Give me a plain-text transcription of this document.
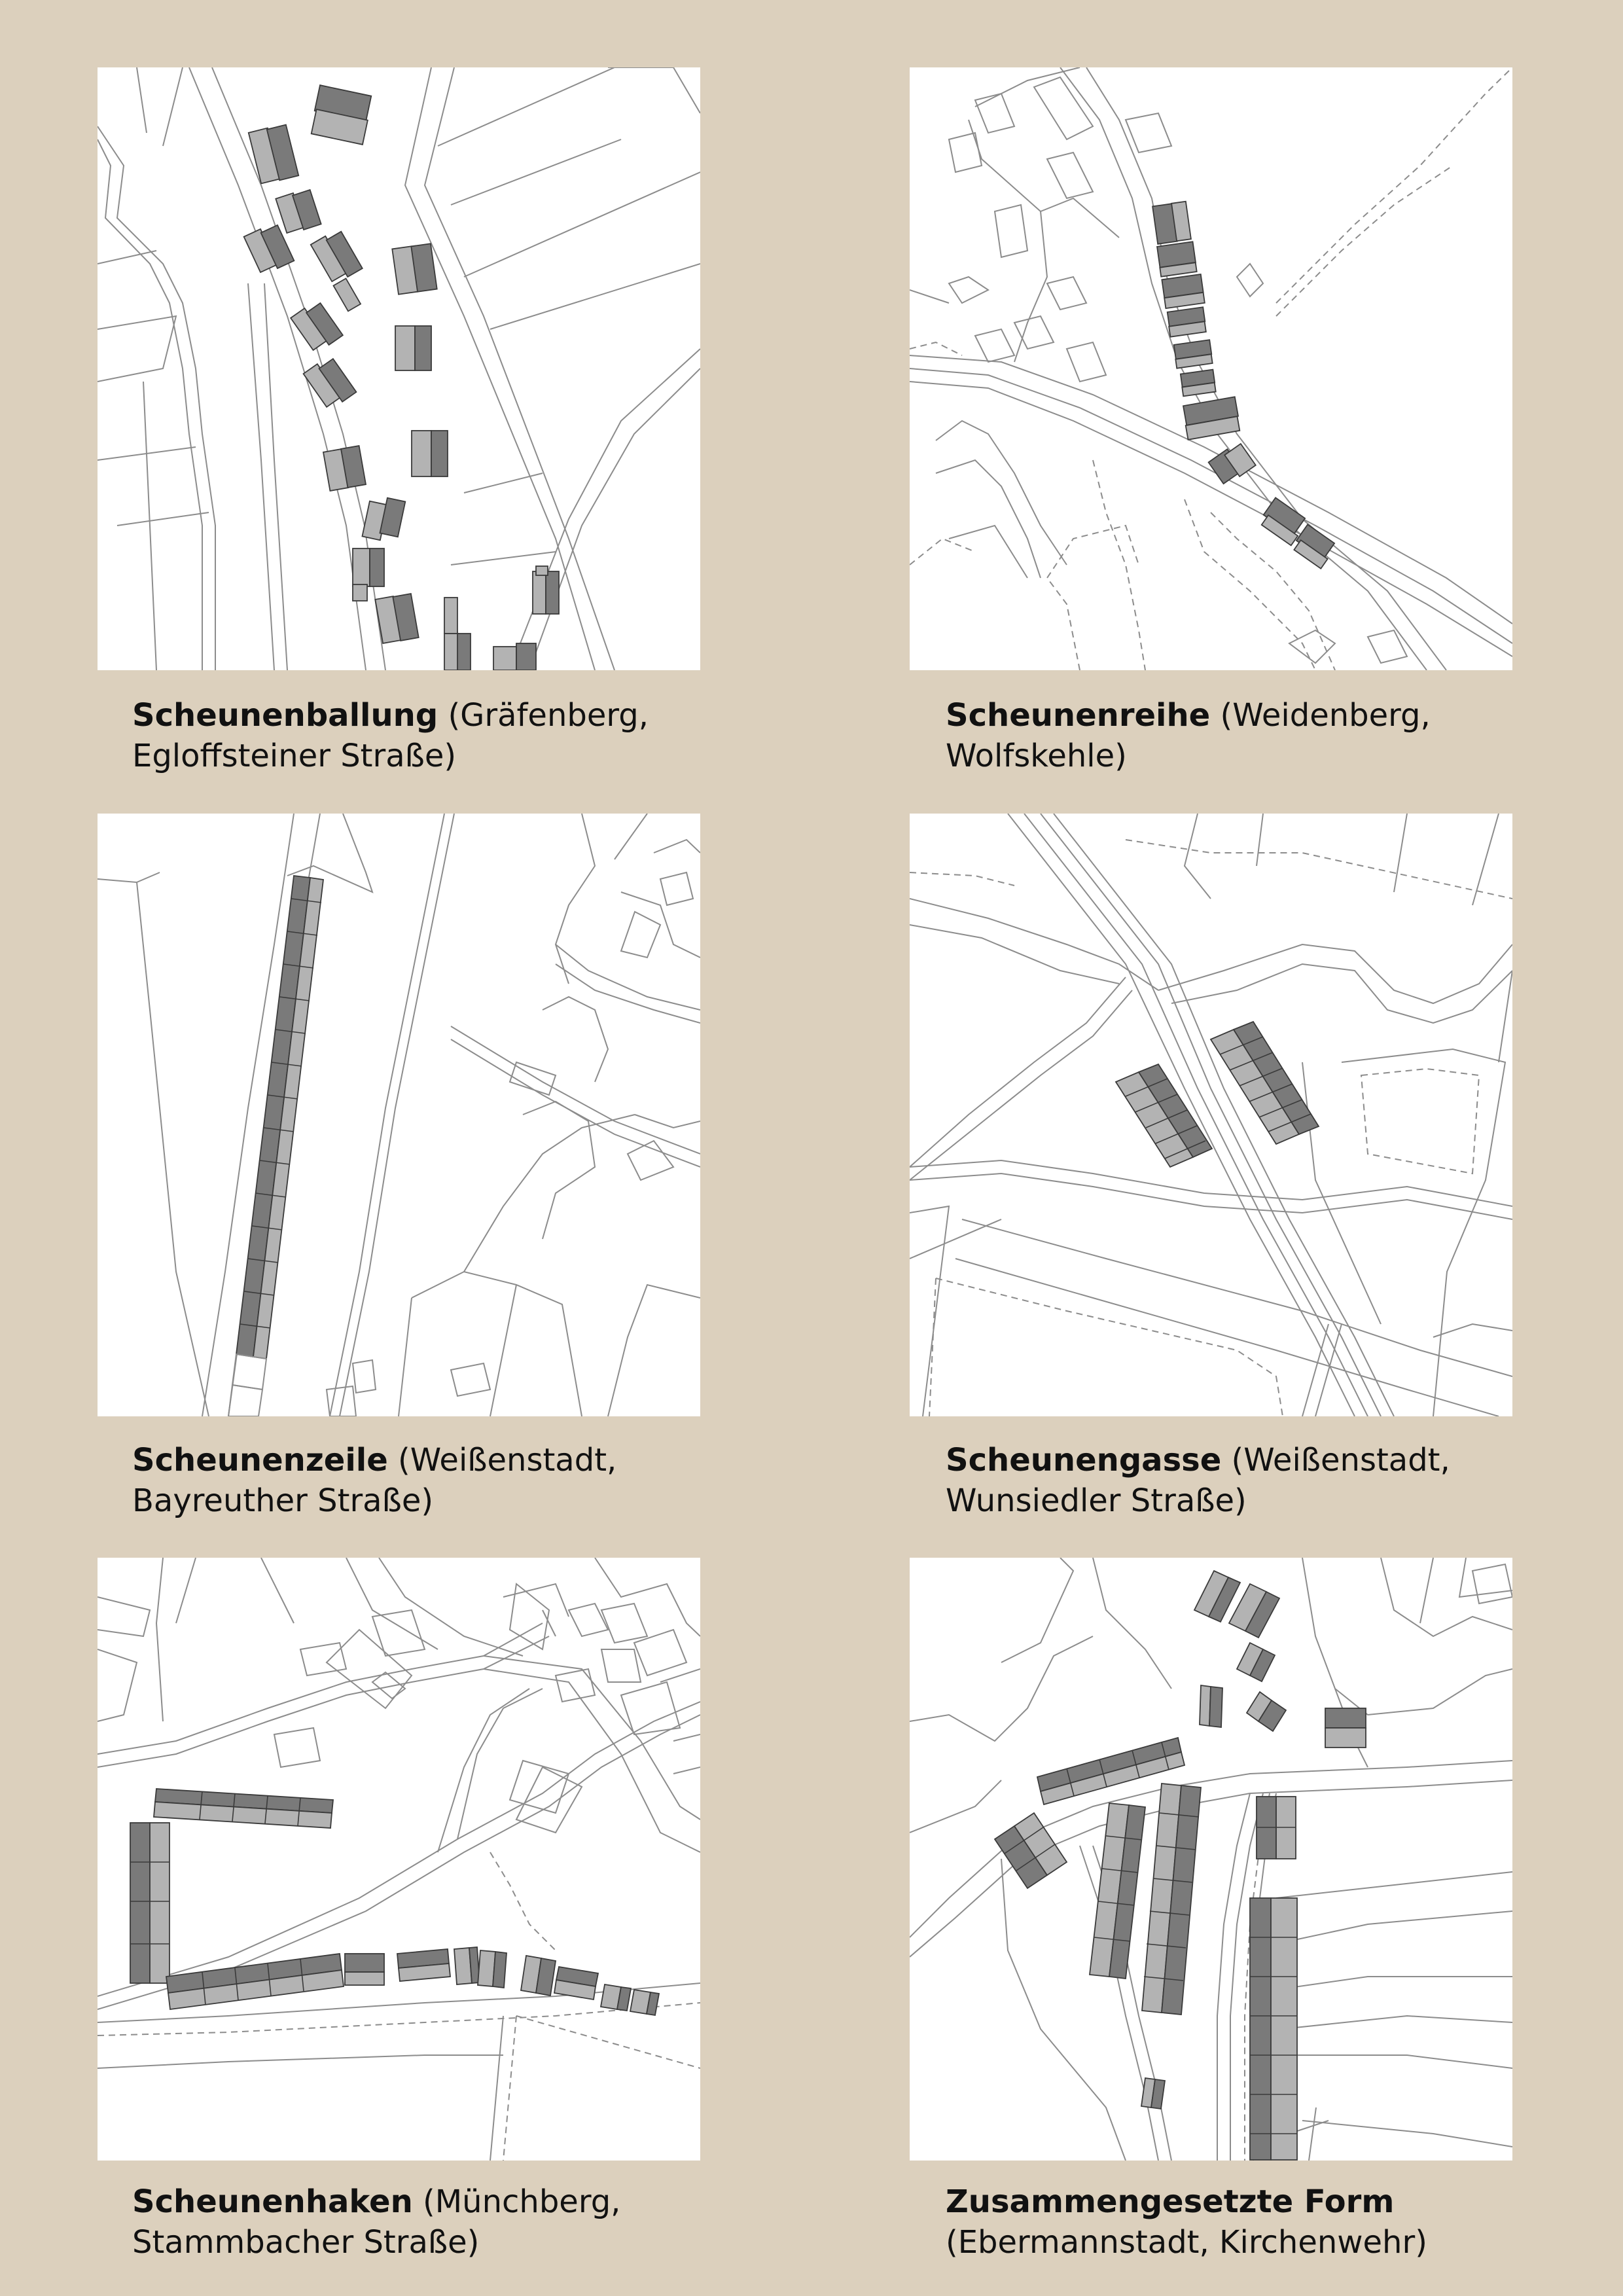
Scheunenballung (Gräfenberg,
Egloffsteiner Straße)
Scheunenreihe (Weidenberg,
Wolfskehle)
Scheunenzeile (Weißenstadt,
Bayreuther Straße)
Scheunengasse (Weißenstadt,
Wunsiedler Straße)
Scheunenhaken (Münchberg,
Stammbacher Straße)
Zusammengesetzte Form
(Ebermannstadt, Kirchenwehr)
